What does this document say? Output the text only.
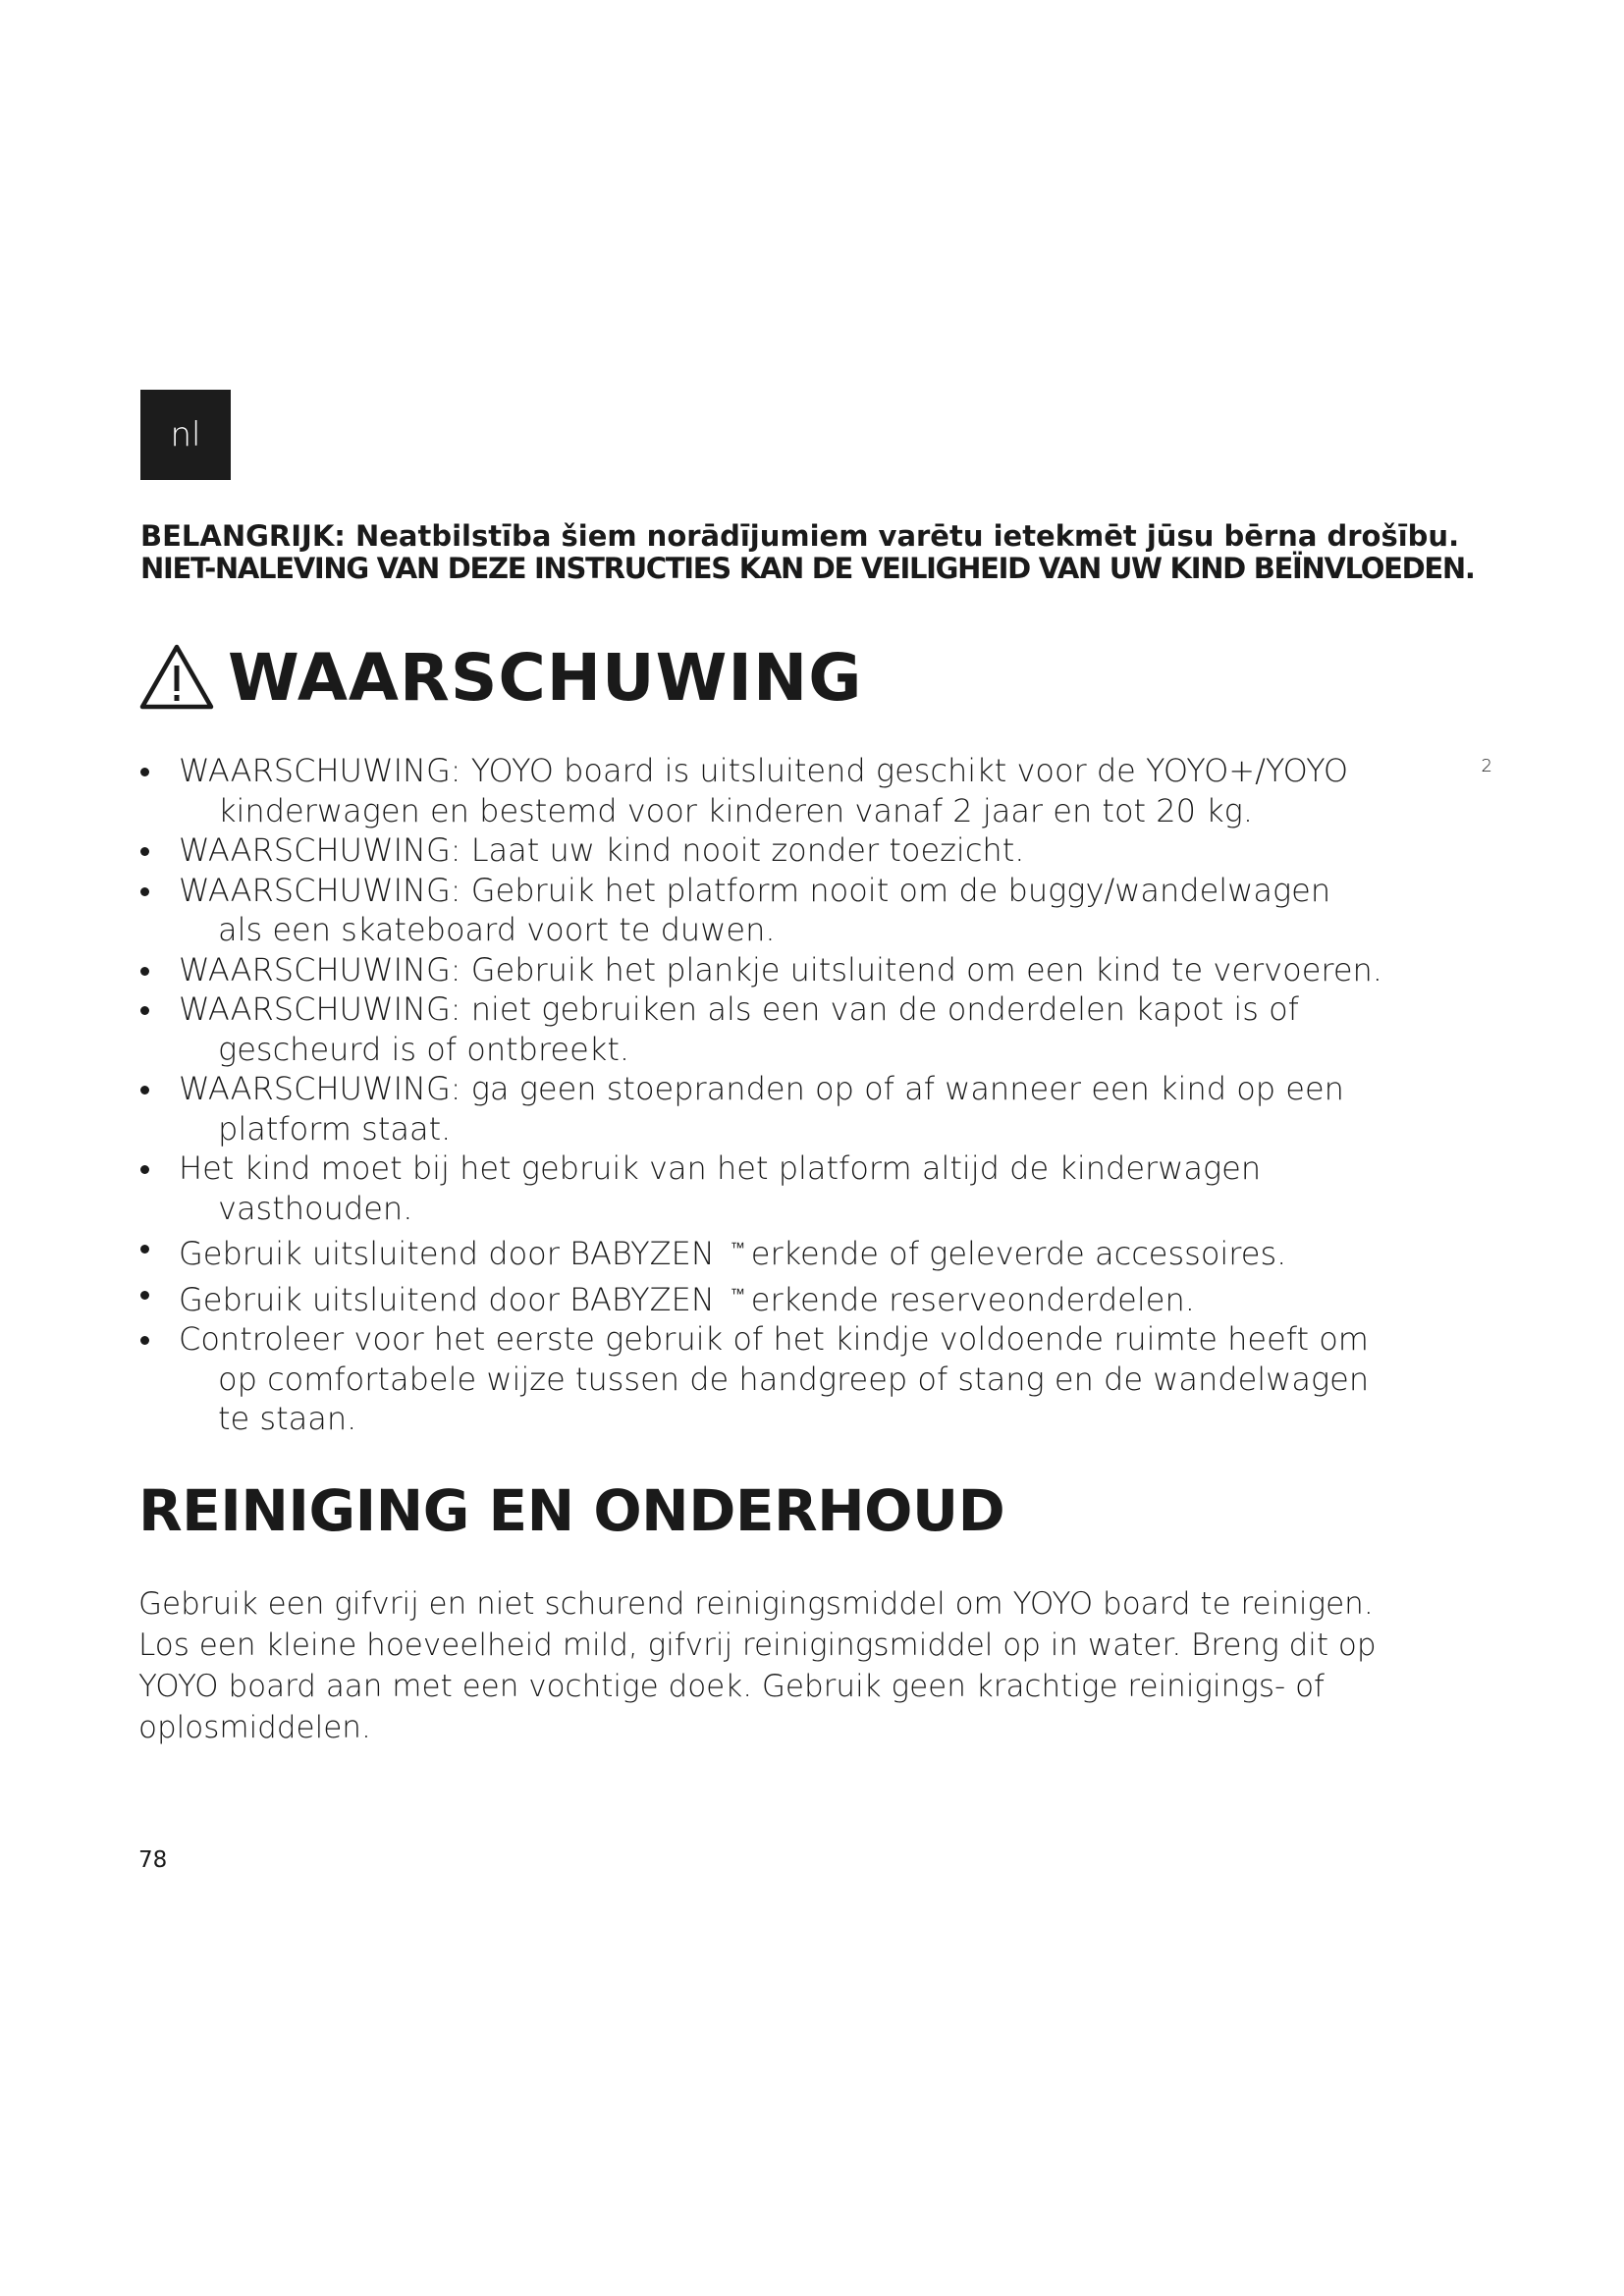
nl
BELANGRIJK: Neatbilstība šiem norādījumiem varētu ietekmēt jūsu bērna drošību.
NIET-NALEVING VAN DEZE INSTRUCTIES KAN DE VEILIGHEID VAN UW KIND BEÏNVLOEDEN.
WAARSCHUWING
WAARSCHUWING: YOYO board is uitsluitend geschikt voor de YOYO+/YOYO	2
kinderwagen en bestemd voor kinderen vanaf 2 jaar en tot 20 kg.
WAARSCHUWING: Laat uw kind nooit zonder toezicht.
WAARSCHUWING: Gebruik het platform nooit om de buggy/wandelwagen
als een skateboard voort te duwen.
WAARSCHUWING: Gebruik het plankje uitsluitend om een kind te vervoeren.
WAARSCHUWING: niet gebruiken als een van de onderdelen kapot is of
gescheurd is of ontbreekt.
WAARSCHUWING: ga geen stoepranden op of af wanneer een kind op een
platform staat.
Het kind moet bij het gebruik van het platform altijd de kinderwagen
vasthouden.
Gebruik uitsluitend door BABYZEN ™ erkende of geleverde accessoires.
Gebruik uitsluitend door BABYZEN ™ erkende reserveonderdelen.
Controleer voor het eerste gebruik of het kindje voldoende ruimte heeft om
op comfortabele wijze tussen de handgreep of stang en de wandelwagen
te staan.
REINIGING EN ONDERHOUD

Gebruik een gifvrij en niet schurend reinigingsmiddel om YOYO board te reinigen.
Los een kleine hoeveelheid mild, gifvrij reinigingsmiddel op in water. Breng dit op
YOYO board aan met een vochtige doek. Gebruik geen krachtige reinigings- of
oplosmiddelen.

78
